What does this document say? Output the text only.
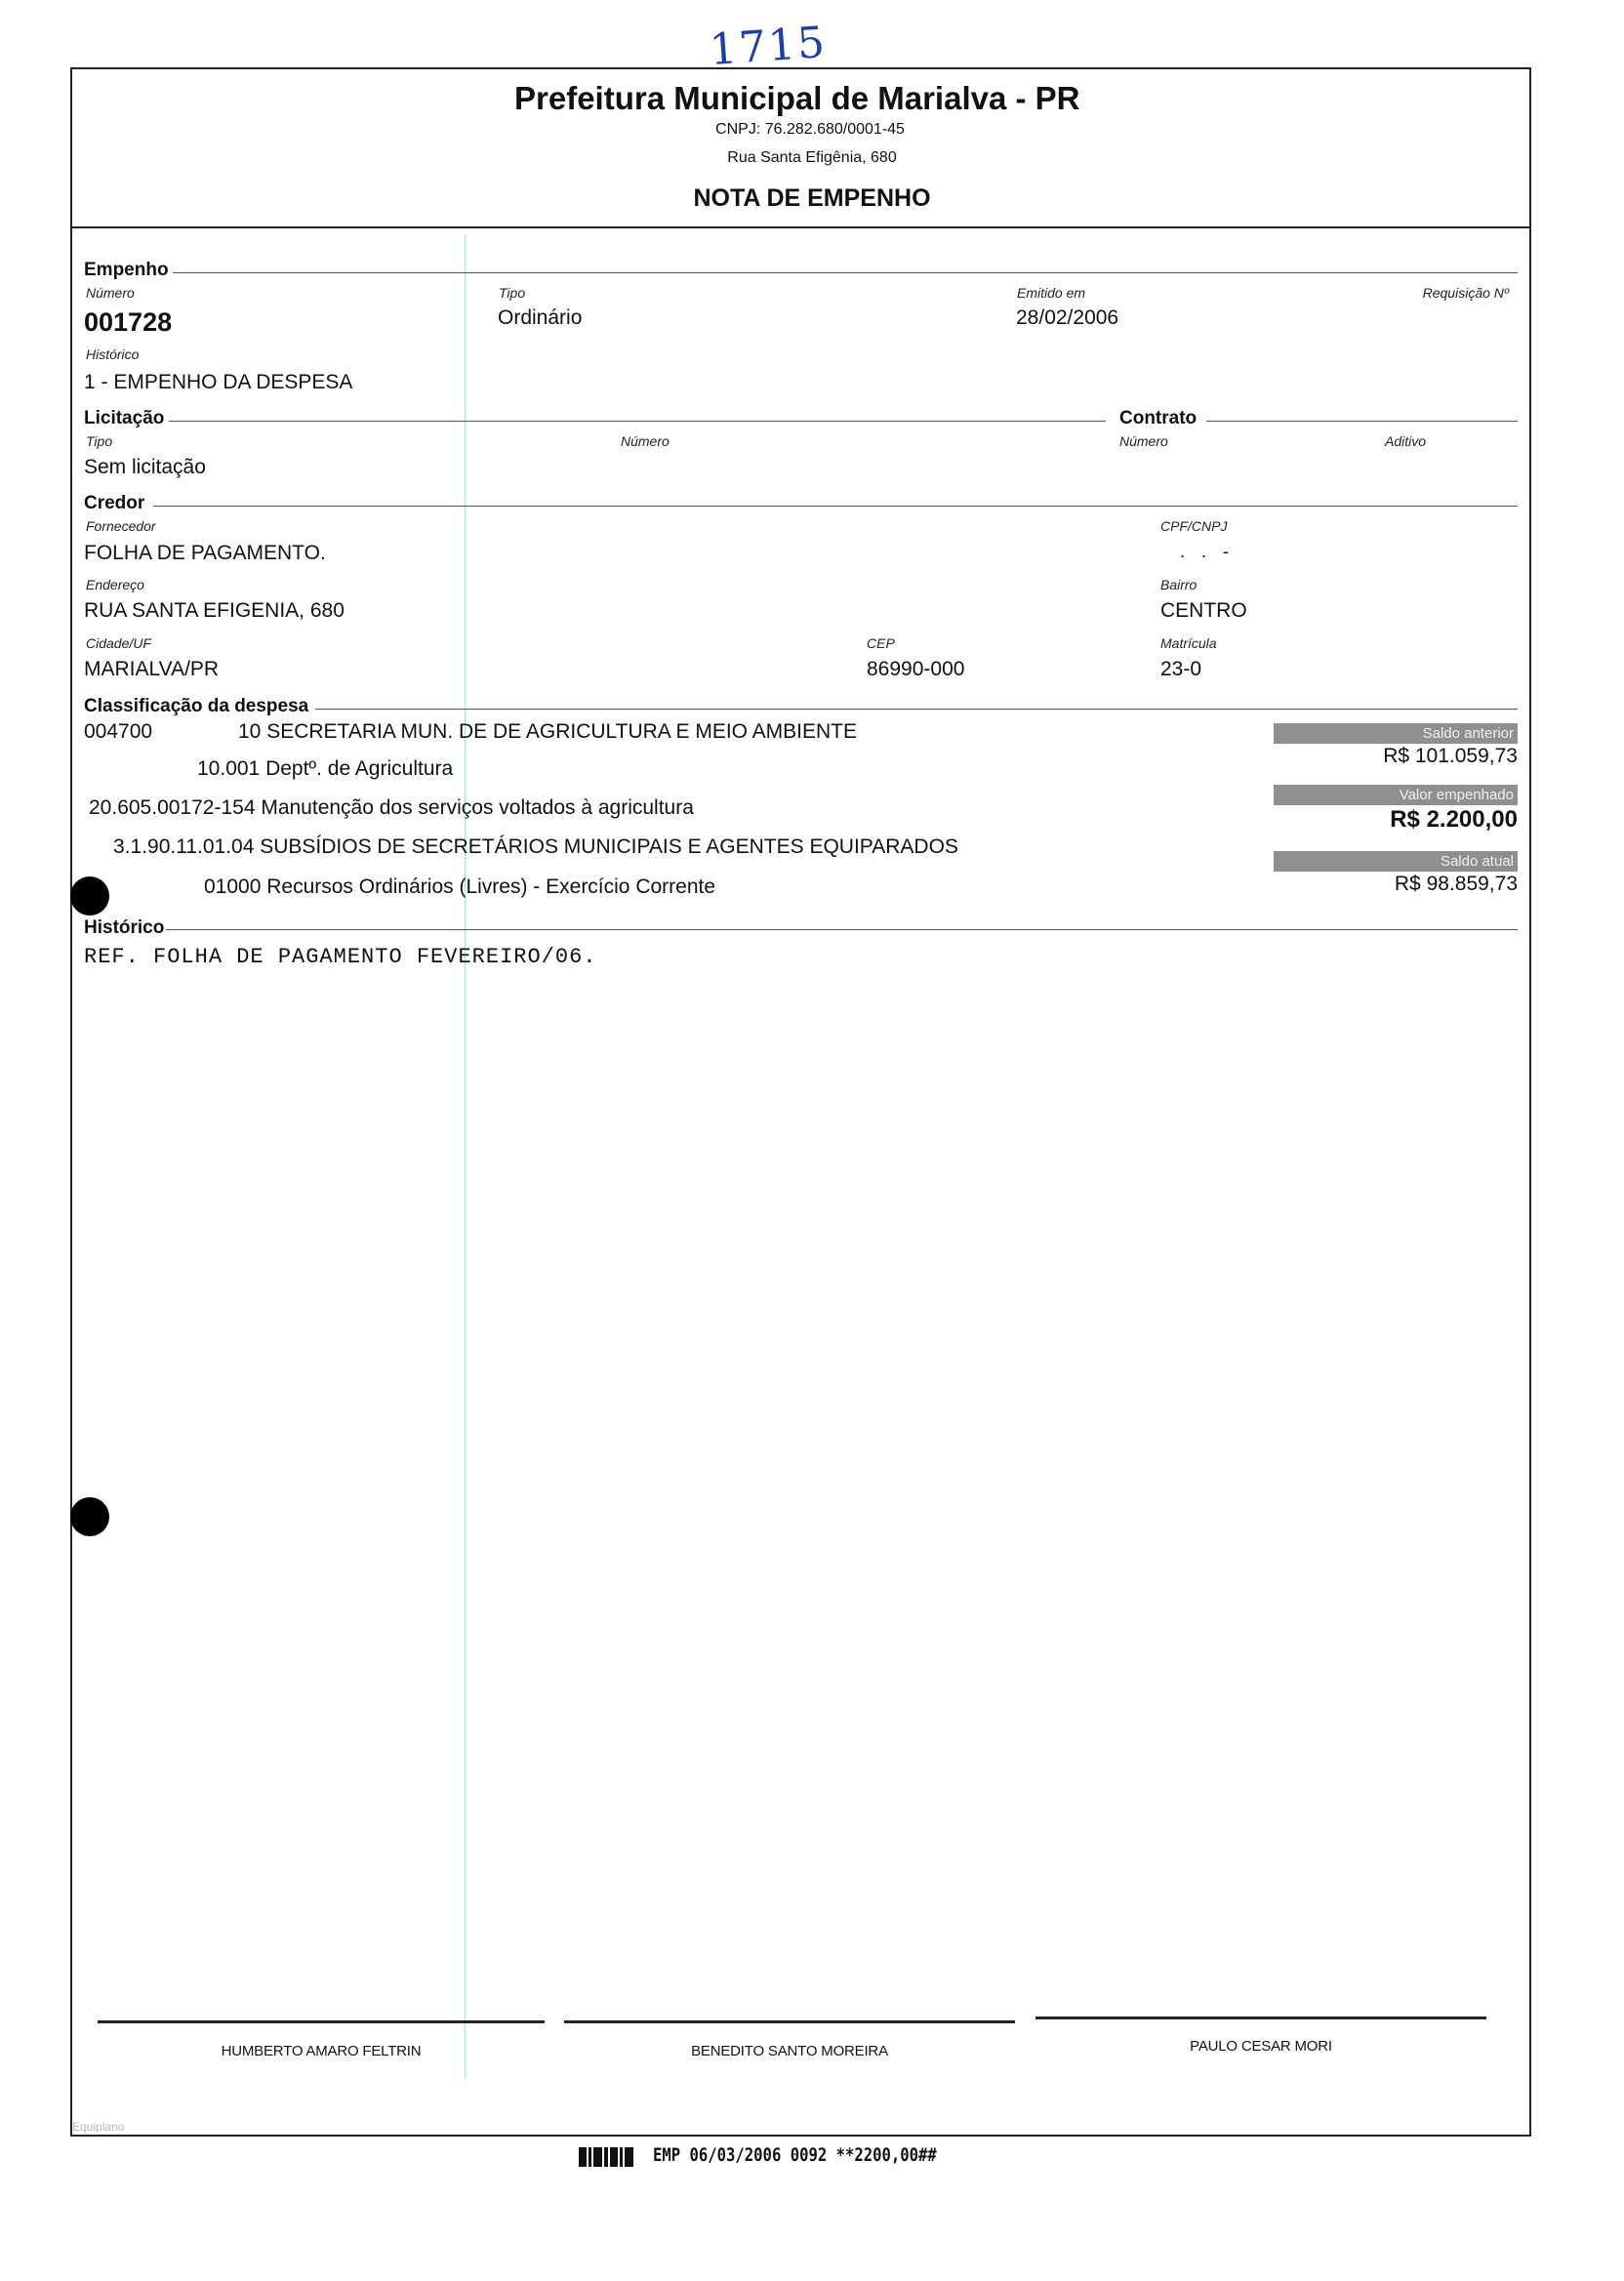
1715
Prefeitura Municipal de Marialva - PR
CNPJ: 76.282.680/0001-45
Rua Santa Efigênia, 680
NOTA DE EMPENHO
Empenho
Número
001728
Tipo
Ordinário
Emitido em
28/02/2006
Requisição Nº
Histórico
1 - EMPENHO DA DESPESA
Licitação
Tipo
Sem licitação
Número
Contrato
Número	Aditivo
Credor
Fornecedor
FOLHA DE PAGAMENTO.
CPF/CNPJ
. . -
Endereço
RUA SANTA EFIGENIA, 680
Bairro
CENTRO
Cidade/UF
MARIALVA/PR
CEP
86990-000
Matrícula
23-0
Classificação da despesa
004700	10 SECRETARIA MUN. DE DE AGRICULTURA E MEIO AMBIENTE
10.001 Deptº. de Agricultura
20.605.00172-154 Manutenção dos serviços voltados à agricultura
3.1.90.11.01.04 SUBSÍDIOS DE SECRETÁRIOS MUNICIPAIS E AGENTES EQUIPARADOS
01000 Recursos Ordinários (Livres) - Exercício Corrente
Saldo anterior
R$ 101.059,73
Valor empenhado
R$ 2.200,00
Saldo atual
R$ 98.859,73
Histórico
REF. FOLHA DE PAGAMENTO FEVEREIRO/06.
HUMBERTO AMARO FELTRIN	BENEDITO SANTO MOREIRA	PAULO CESAR MORI
Equiplano
EMP 06/03/2006 0092 **2200,00##
